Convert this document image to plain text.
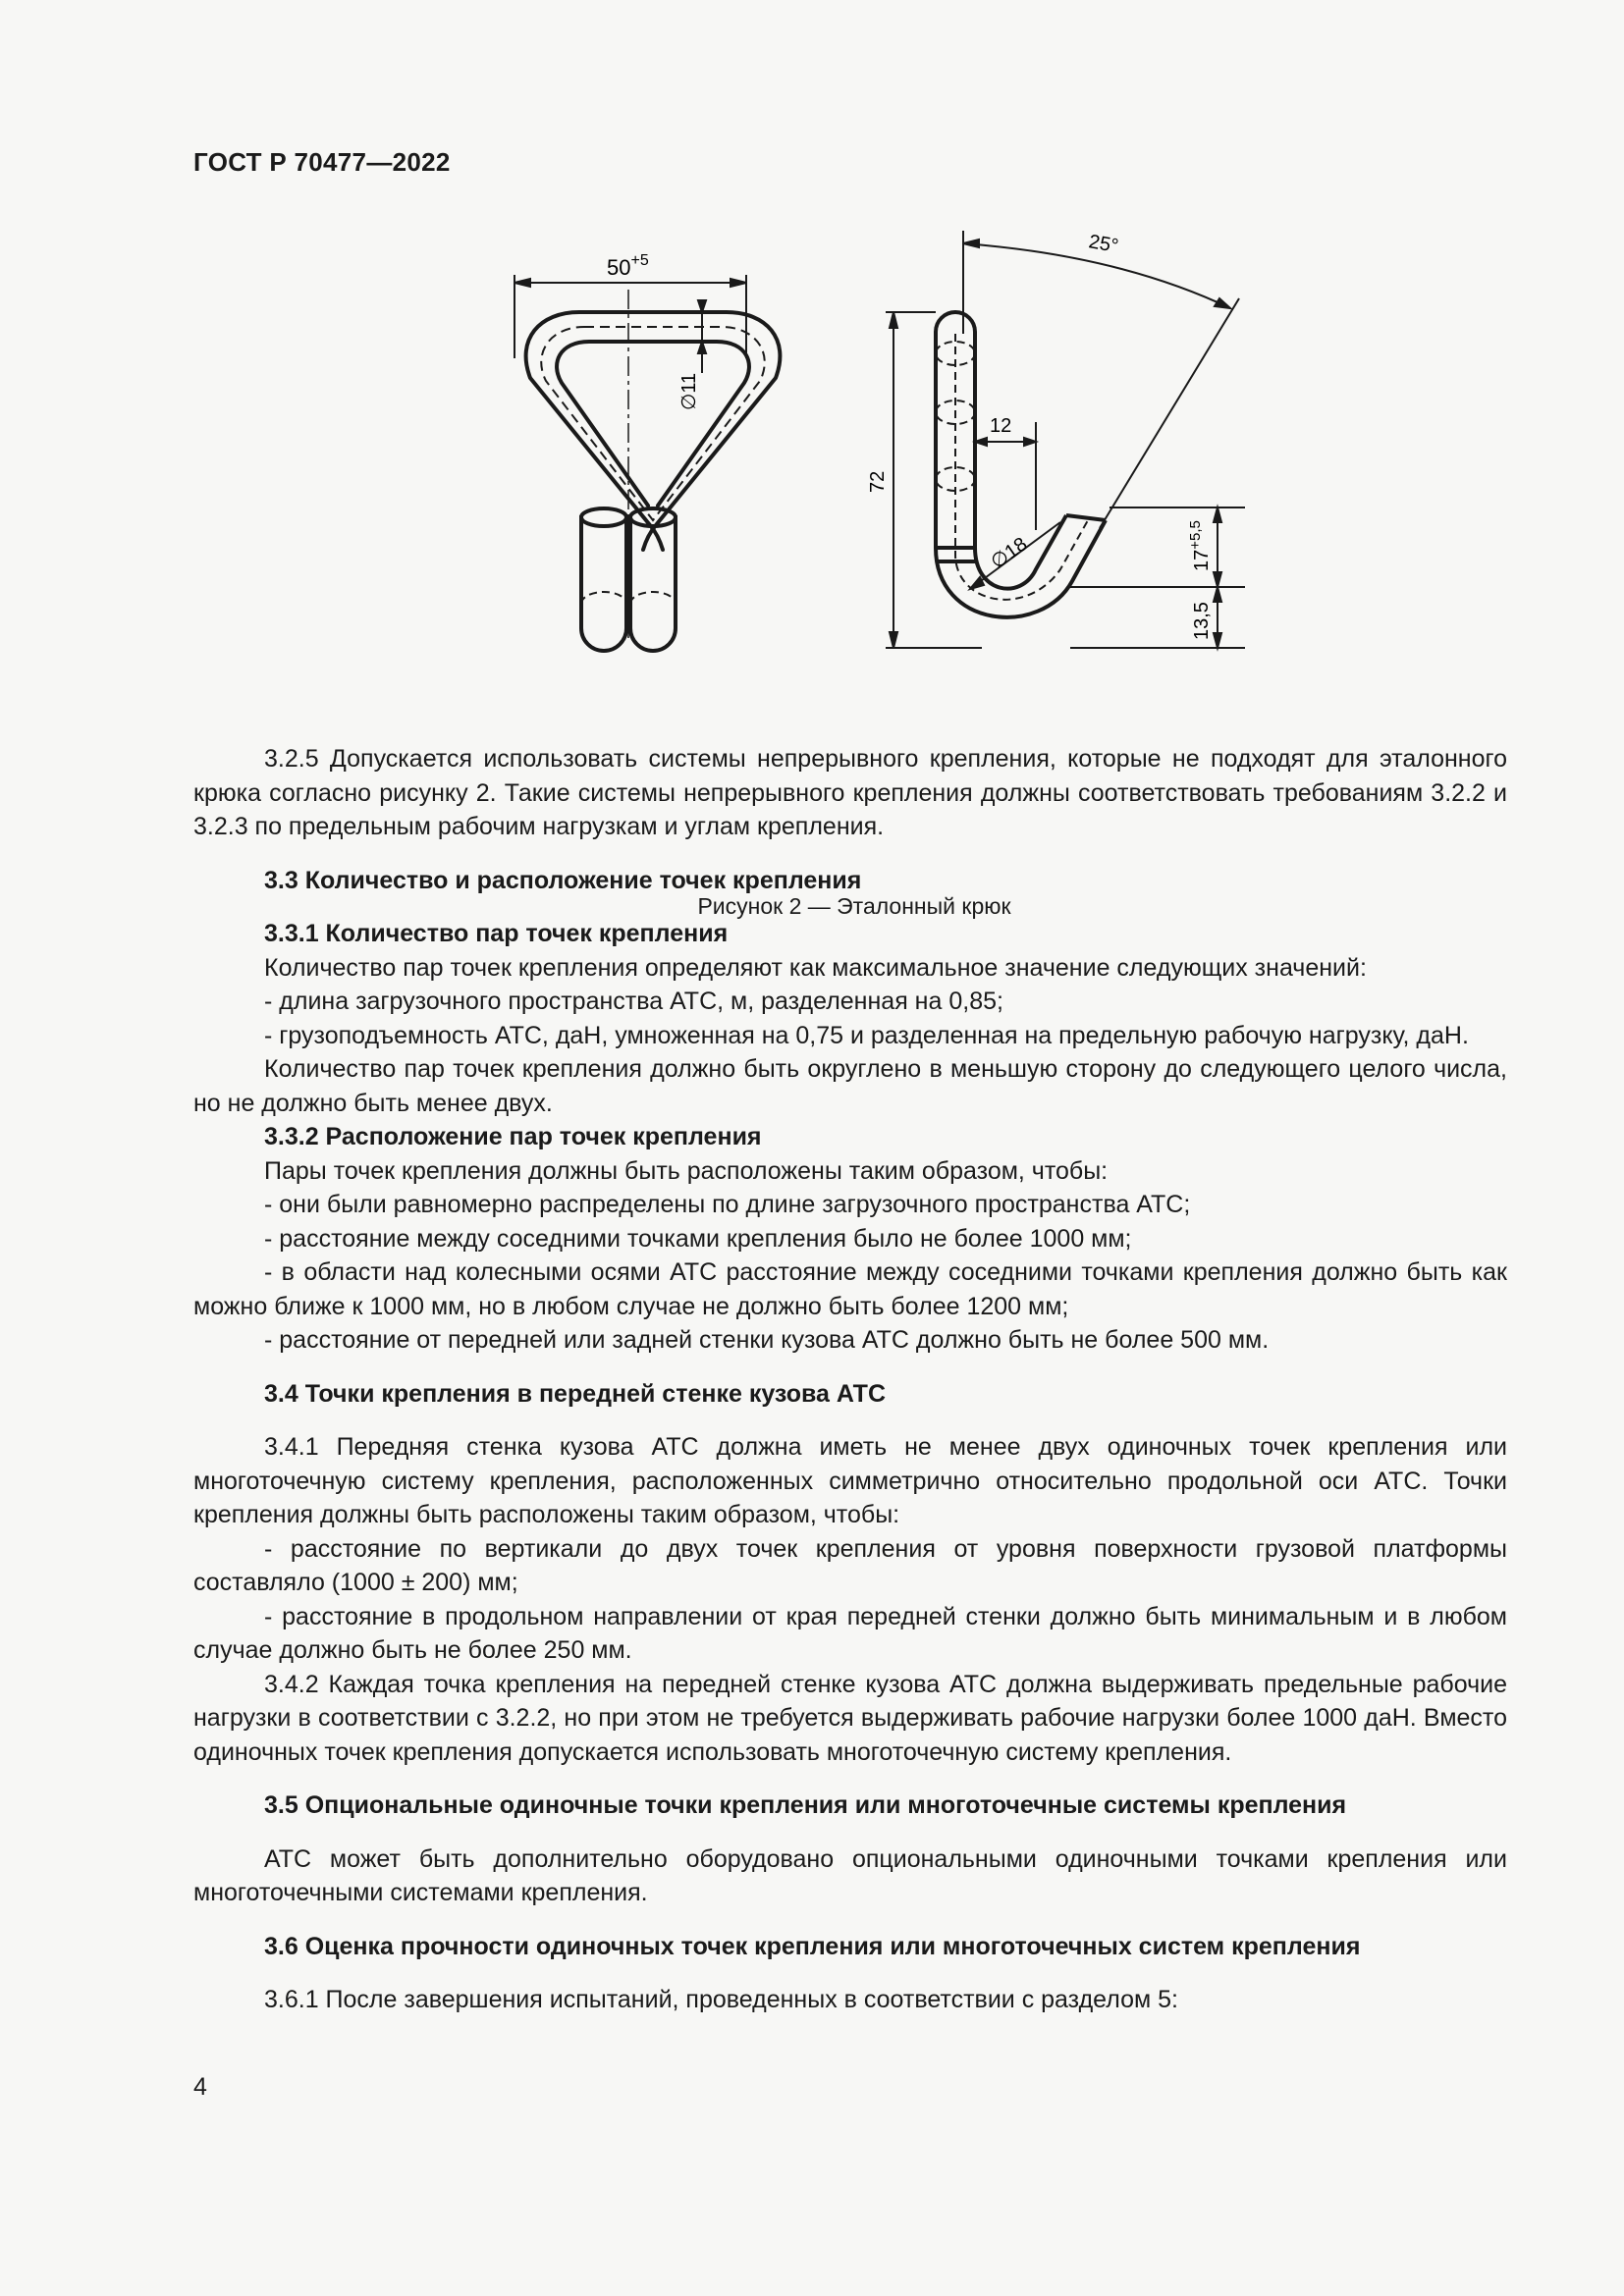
ГОСТ Р 70477—2022
$50^{+5}$
∅11
25°
72
12
∅18	$17^{+5,5}$
13,5
Рисунок 2 — Эталонный крюк

3.2.5 Допускается использовать системы непрерывного крепления, которые не подходят для эталонного крюка согласно рисунку 2. Такие системы непрерывного крепления должны соответствовать требованиям 3.2.2 и 3.2.3 по предельным рабочим нагрузкам и углам крепления.

3.3 Количество и расположение точек крепления

3.3.1 Количество пар точек крепления

Количество пар точек крепления определяют как максимальное значение следующих значений:

- длина загрузочного пространства АТС, м, разделенная на 0,85;

- грузоподъемность АТС, даН, умноженная на 0,75 и разделенная на предельную рабочую нагрузку, даН.

Количество пар точек крепления должно быть округлено в меньшую сторону до следующего целого числа, но не должно быть менее двух.

3.3.2 Расположение пар точек крепления

Пары точек крепления должны быть расположены таким образом, чтобы:

- они были равномерно распределены по длине загрузочного пространства АТС;

- расстояние между соседними точками крепления было не более 1000 мм;

- в области над колесными осями АТС расстояние между соседними точками крепления должно быть как можно ближе к 1000 мм, но в любом случае не должно быть более 1200 мм;

- расстояние от передней или задней стенки кузова АТС должно быть не более 500 мм.

3.4 Точки крепления в передней стенке кузова АТС

3.4.1 Передняя стенка кузова АТС должна иметь не менее двух одиночных точек крепления или многоточечную систему крепления, расположенных симметрично относительно продольной оси АТС. Точки крепления должны быть расположены таким образом, чтобы:

- расстояние по вертикали до двух точек крепления от уровня поверхности грузовой платформы составляло (1000 ± 200) мм;

- расстояние в продольном направлении от края передней стенки должно быть минимальным и в любом случае должно быть не более 250 мм.

3.4.2 Каждая точка крепления на передней стенке кузова АТС должна выдерживать предельные рабочие нагрузки в соответствии с 3.2.2, но при этом не требуется выдерживать рабочие нагрузки более 1000 даН. Вместо одиночных точек крепления допускается использовать многоточечную систему крепления.

3.5 Опциональные одиночные точки крепления или многоточечные системы крепления

АТС может быть дополнительно оборудовано опциональными одиночными точками крепления или многоточечными системами крепления.

3.6 Оценка прочности одиночных точек крепления или многоточечных систем крепления

3.6.1 После завершения испытаний, проведенных в соответствии с разделом 5:

4
